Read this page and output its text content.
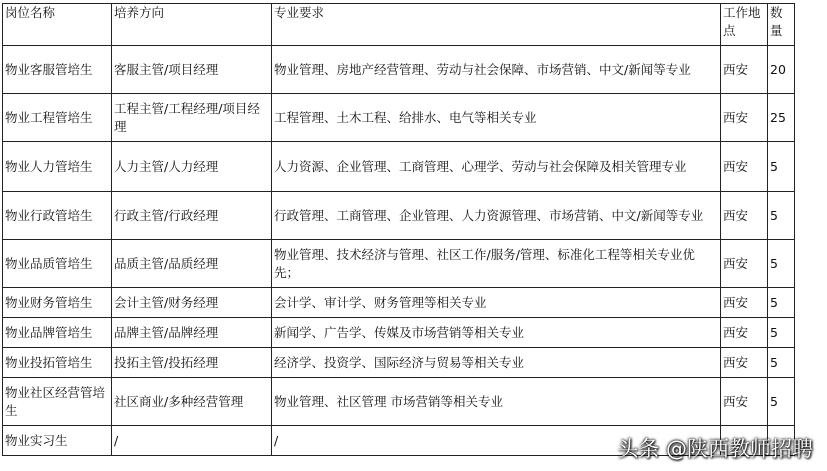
岗位名称	培养方向	专业要求	工作地点	数量
物业客服管培生	客服主管/项目经理	物业管理、房地产经营管理、劳动与社会保障、市场营销、中文/新闻等专业	西安	20
物业工程管培生	工程主管/工程经理/项目经理	工程管理、土木工程、给排水、电气等相关专业	西安	25
物业人力管培生	人力主管/人力经理	人力资源、企业管理、工商管理、心理学、劳动与社会保障及相关管理专业	西安	5
物业行政管培生	行政主管/行政经理	行政管理、工商管理、企业管理、人力资源管理、市场营销、中文/新闻等专业	西安	5
物业品质管培生	品质主管/品质经理	物业管理、技术经济与管理、社区工作/服务/管理、标准化工程等相关专业优先；	西安	5
物业财务管培生	会计主管/财务经理	会计学、审计学、财务管理等相关专业	西安	5
物业品牌管培生	品牌主管/品牌经理	新闻学、广告学、传媒及市场营销等相关专业	西安	5
物业投拓管培生	投拓主管/投拓经理	经济学、投资学、国际经济与贸易等相关专业	西安	5
物业社区经营管培生	社区商业/多种经营管理	物业管理、社区管理 市场营销等相关专业	西安	5
物业实习生	/	/			头条 @陕西教师招聘
